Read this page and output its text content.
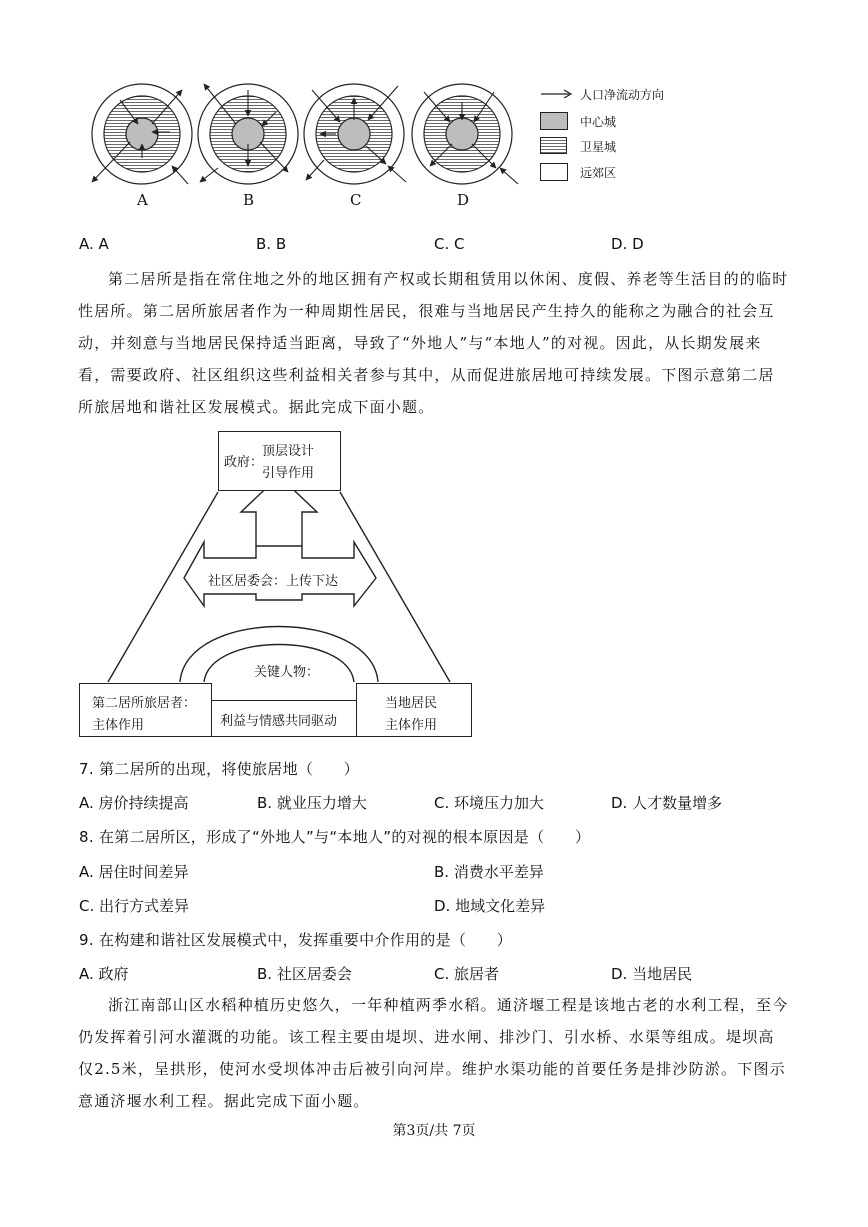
A	B	C	D
人口净流动方向
中心城
卫星城
远郊区
A. A	B. B	C. C	D. D

第二居所是指在常住地之外的地区拥有产权或长期租赁用以休闲、度假、养老等生活目的的临时性居所。第二居所旅居者作为一种周期性居民，很难与当地居民产生持久的能称之为融合的社会互动，并刻意与当地居民保持适当距离，导致了“外地人”与“本地人”的对视。因此，从长期发展来看，需要政府、社区组织这些利益相关者参与其中，从而促进旅居地可持续发展。下图示意第二居所旅居地和谐社区发展模式。据此完成下面小题。

政府：
顶层设计
引导作用
社区居委会：上传下达
关键人物：
第二居所旅居者：
主体作用	利益与情感共同驱动
当地居民
主体作用
7. 第二居所的出现，将使旅居地（　　）
A. 房价持续提高	B. 就业压力增大	C. 环境压力加大	D. 人才数量增多
8. 在第二居所区，形成了“外地人”与“本地人”的对视的根本原因是（　　）
A. 居住时间差异	B. 消费水平差异
C. 出行方式差异	D. 地域文化差异
9. 在构建和谐社区发展模式中，发挥重要中介作用的是（　　）
A. 政府	B. 社区居委会	C. 旅居者	D. 当地居民

浙江南部山区水稻种植历史悠久，一年种植两季水稻。通济堰工程是该地古老的水利工程，至今仍发挥着引河水灌溉的功能。该工程主要由堤坝、进水闸、排沙门、引水桥、水渠等组成。堤坝高仅2.5米，呈拱形，使河水受坝体冲击后被引向河岸。维护水渠功能的首要任务是排沙防淤。下图示意通济堰水利工程。据此完成下面小题。

第3页/共 7页
